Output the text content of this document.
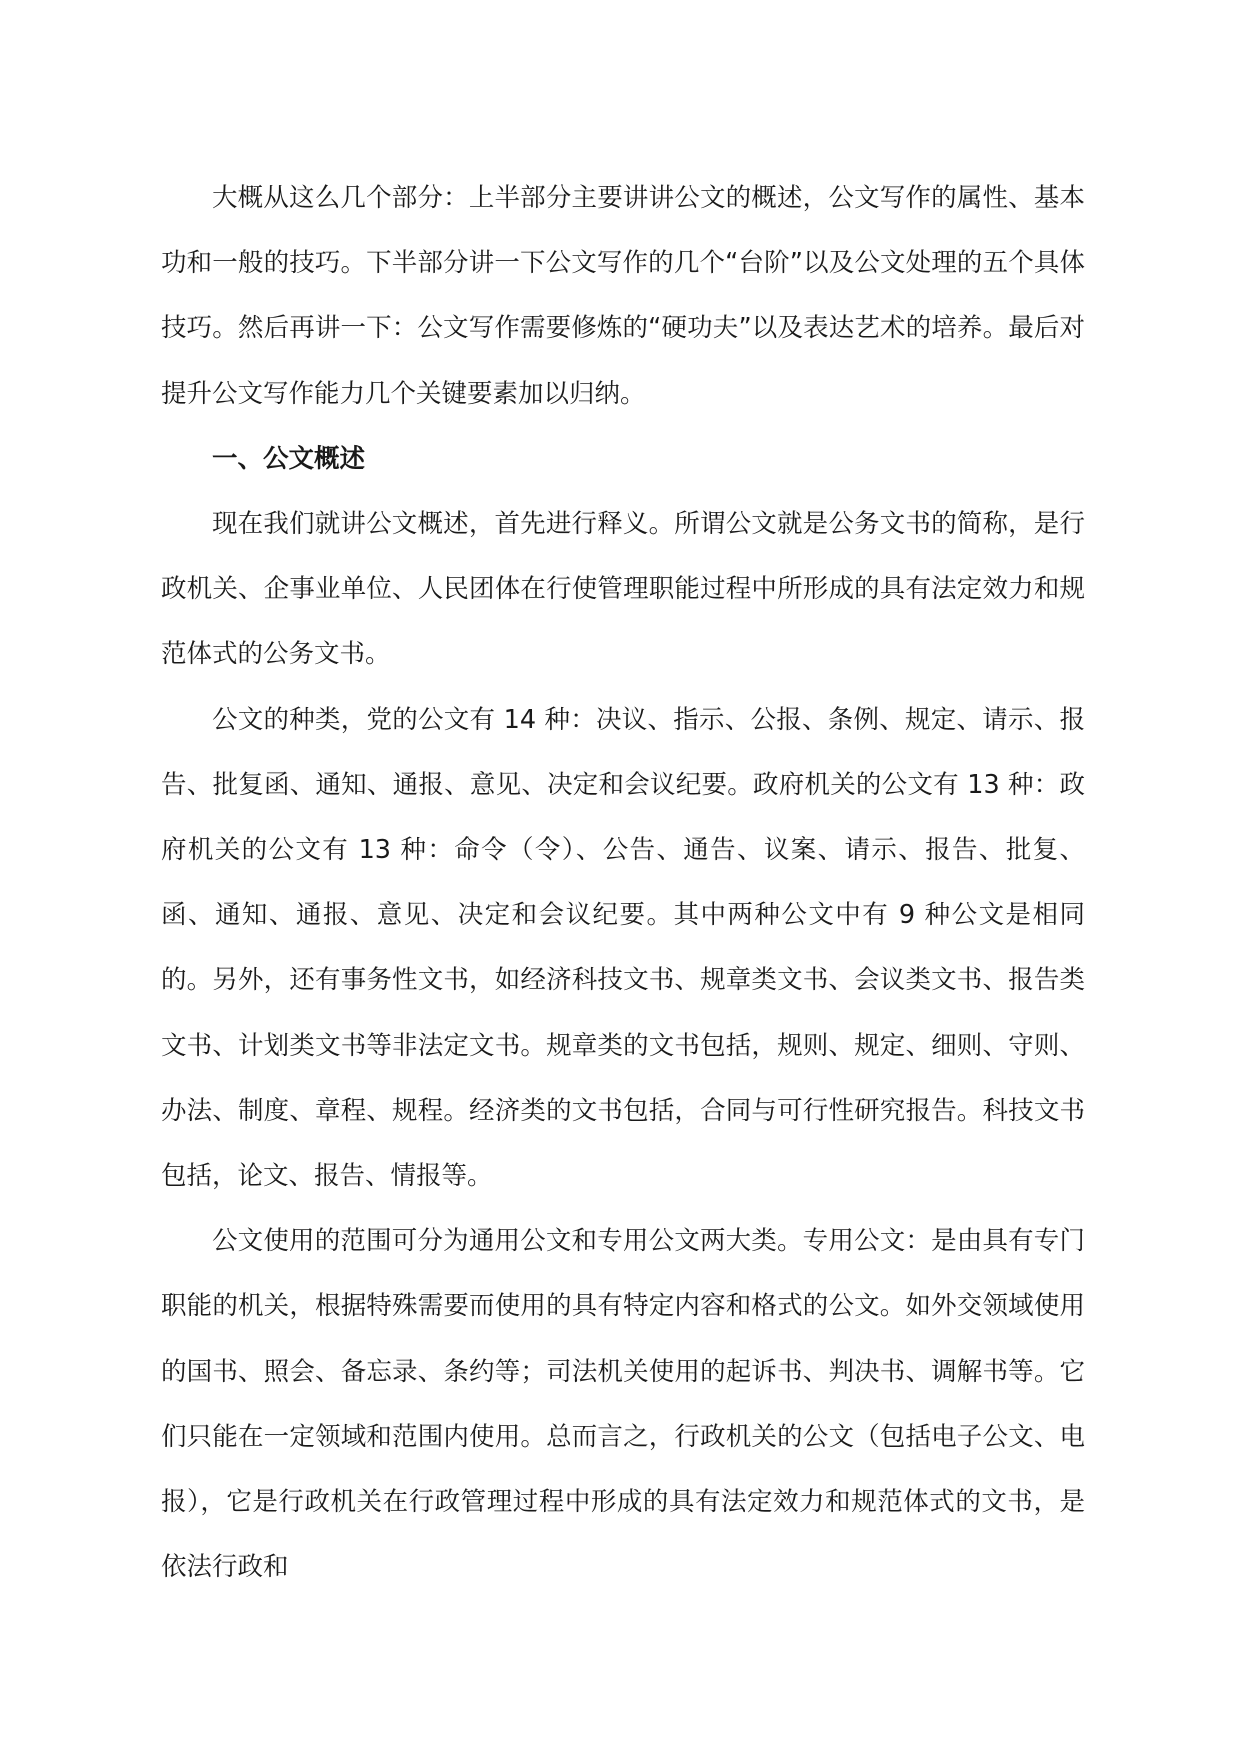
大概从这么几个部分：上半部分主要讲讲公文的概述，公文写作的属性、基本功和一般的技巧。下半部分讲一下公文写作的几个“台阶”以及公文处理的五个具体技巧。然后再讲一下：公文写作需要修炼的“硬功夫”以及表达艺术的培养。最后对提升公文写作能力几个关键要素加以归纳。

一、公文概述

现在我们就讲公文概述，首先进行释义。所谓公文就是公务文书的简称，是行政机关、企事业单位、人民团体在行使管理职能过程中所形成的具有法定效力和规范体式的公务文书。

公文的种类，党的公文有 14 种：决议、指示、公报、条例、规定、请示、报告、批复函、通知、通报、意见、决定和会议纪要。政府机关的公文有 13 种：政府机关的公文有 13 种：命令（令）、公告、通告、议案、请示、报告、批复、函、通知、通报、意见、决定和会议纪要。其中两种公文中有 9 种公文是相同的。另外，还有事务性文书，如经济科技文书、规章类文书、会议类文书、报告类文书、计划类文书等非法定文书。规章类的文书包括，规则、规定、细则、守则、办法、制度、章程、规程。经济类的文书包括，合同与可行性研究报告。科技文书包括，论文、报告、情报等。

公文使用的范围可分为通用公文和专用公文两大类。专用公文：是由具有专门职能的机关，根据特殊需要而使用的具有特定内容和格式的公文。如外交领域使用的国书、照会、备忘录、条约等；司法机关使用的起诉书、判决书、调解书等。它们只能在一定领域和范围内使用。总而言之，行政机关的公文（包括电子公文、电报），它是行政机关在行政管理过程中形成的具有法定效力和规范体式的文书，是依法行政和
